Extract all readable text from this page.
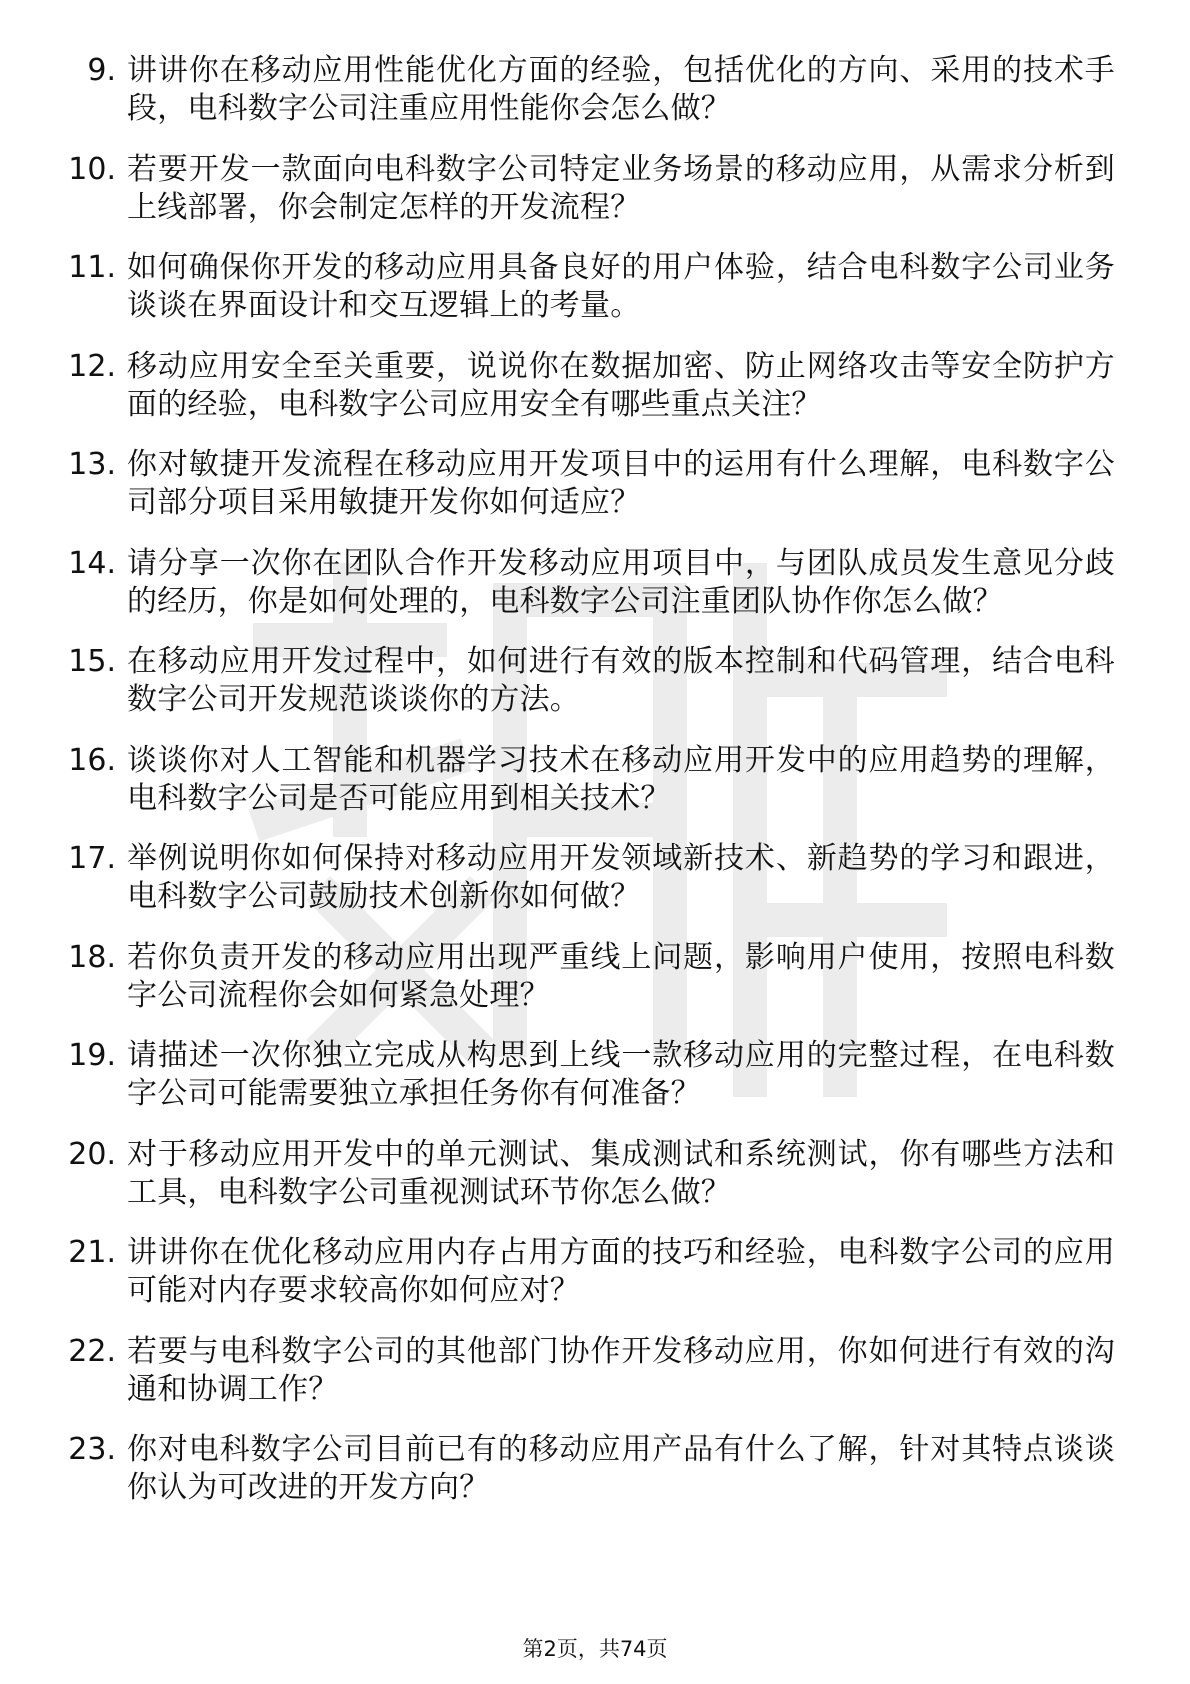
9. 讲讲你在移动应用性能优化方面的经验，包括优化的方向、采用的技术手段，电科数字公司注重应用性能你会怎么做？
10. 若要开发一款面向电科数字公司特定业务场景的移动应用，从需求分析到上线部署，你会制定怎样的开发流程？
11. 如何确保你开发的移动应用具备良好的用户体验，结合电科数字公司业务谈谈在界面设计和交互逻辑上的考量。
12. 移动应用安全至关重要，说说你在数据加密、防止网络攻击等安全防护方面的经验，电科数字公司应用安全有哪些重点关注？
13. 你对敏捷开发流程在移动应用开发项目中的运用有什么理解，电科数字公司部分项目采用敏捷开发你如何适应？
14. 请分享一次你在团队合作开发移动应用项目中，与团队成员发生意见分歧的经历，你是如何处理的，电科数字公司注重团队协作你怎么做？
15. 在移动应用开发过程中，如何进行有效的版本控制和代码管理，结合电科数字公司开发规范谈谈你的方法。
16. 谈谈你对人工智能和机器学习技术在移动应用开发中的应用趋势的理解，电科数字公司是否可能应用到相关技术？
17. 举例说明你如何保持对移动应用开发领域新技术、新趋势的学习和跟进，电科数字公司鼓励技术创新你如何做？
18. 若你负责开发的移动应用出现严重线上问题，影响用户使用，按照电科数字公司流程你会如何紧急处理？
19. 请描述一次你独立完成从构思到上线一款移动应用的完整过程，在电科数字公司可能需要独立承担任务你有何准备？
20. 对于移动应用开发中的单元测试、集成测试和系统测试，你有哪些方法和工具，电科数字公司重视测试环节你怎么做？
21. 讲讲你在优化移动应用内存占用方面的技巧和经验，电科数字公司的应用可能对内存要求较高你如何应对？
22. 若要与电科数字公司的其他部门协作开发移动应用，你如何进行有效的沟通和协调工作？
23. 你对电科数字公司目前已有的移动应用产品有什么了解，针对其特点谈谈你认为可改进的开发方向？
第2页，共74页
